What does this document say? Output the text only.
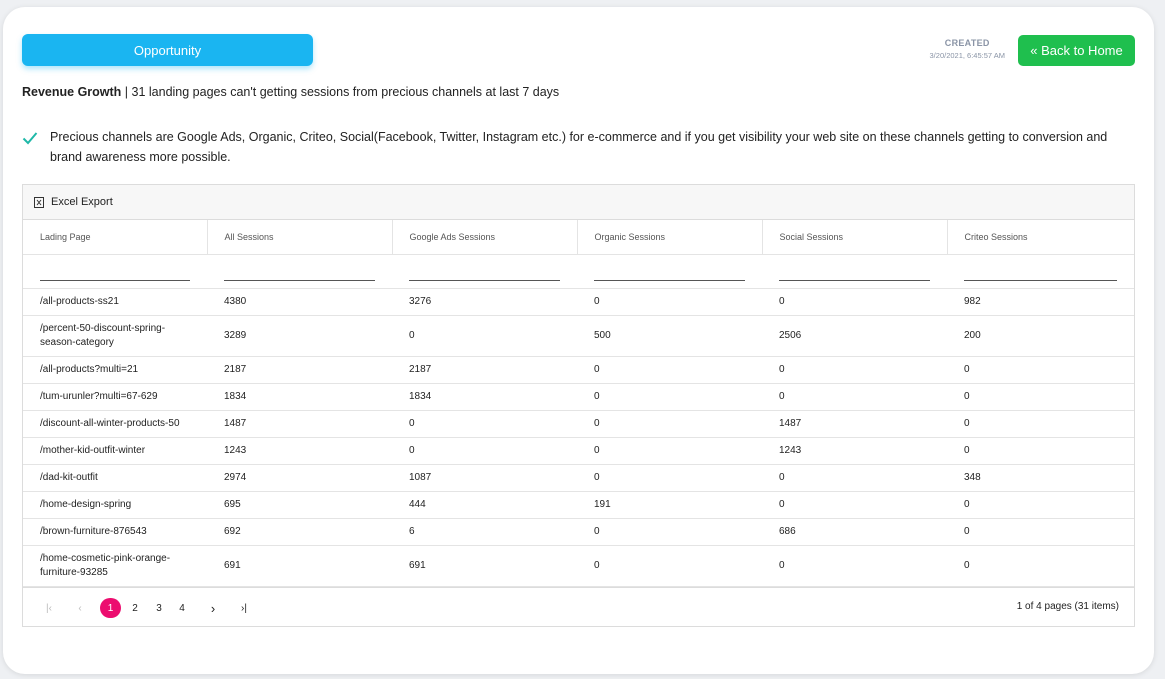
Opportunity	CREATED
3/20/2021, 6:45:57 AM	« Back to Home
Revenue Growth | 31 landing pages can't getting sessions from precious channels at last 7 days
Precious channels are Google Ads, Organic, Criteo, Social(Facebook, Twitter, Instagram etc.) for e-commerce and if you get visibility your web site on these channels getting to conversion and brand awareness more possible.
Excel Export
Lading Page	All Sessions	Google Ads Sessions	Organic Sessions	Social Sessions	Criteo Sessions

/all-products-ss21	4380	3276	0	0	982
/percent-50-discount-spring-season-category	3289	0	500	2506	200
/all-products?multi=21	2187	2187	0	0	0
/tum-urunler?multi=67-629	1834	1834	0	0	0
/discount-all-winter-products-50	1487	0	0	1487	0
/mother-kid-outfit-winter	1243	0	0	1243	0
/dad-kit-outfit	2974	1087	0	0	348
/home-design-spring	695	444	191	0	0
/brown-furniture-876543	692	6	0	686	0
/home-cosmetic-pink-orange-furniture-93285	691	691	0	0	0
|‹	‹	1	2	3	4	›	›|	1 of 4 pages (31 items)
